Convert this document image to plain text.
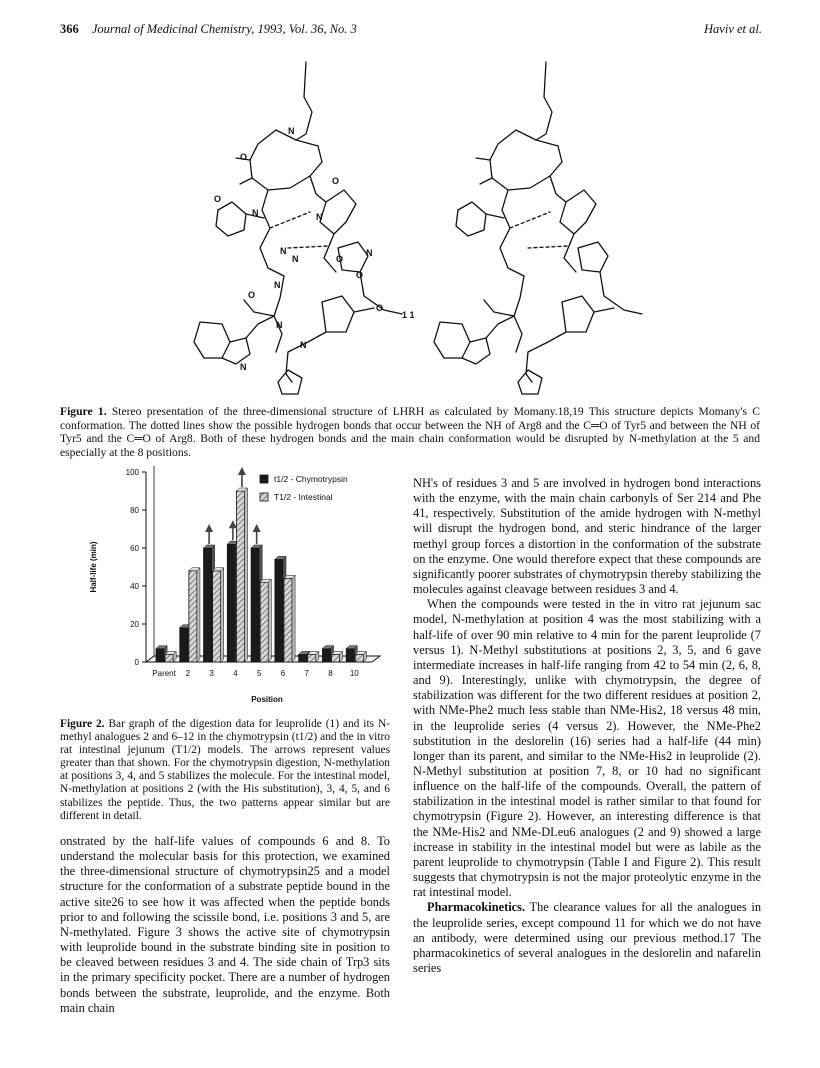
366 Journal of Medicinal Chemistry, 1993, Vol. 36, No. 3	Haviv et al.
O
N
N
O
N
N
O
N	O
N
O
O
N
N
N
N
O
1 1
Figure 1. Stereo presentation of the three-dimensional structure of LHRH as calculated by Momany.18,19 This structure depicts Momany's C conformation. The dotted lines show the possible hydrogen bonds that occur between the NH of Arg8 and the C═O of Tyr5 and between the NH of Tyr5 and the C═O of Arg8. Both of these hydrogen bonds and the main chain conformation would be disrupted by N-methylation at the 5 and especially at the 8 positions.
0
20
40
60
80
100
Half-life (min)
Parent 2 3 4 5 6 7 8 10
Position
t1/2 - Chymotrypsin
T1/2 - Intestinal
Figure 2. Bar graph of the digestion data for leuprolide (1) and its N-methyl analogues 2 and 6–12 in the chymotrypsin (t1/2) and the in vitro rat intestinal jejunum (T1/2) models. The arrows represent values greater than that shown. For the chymotrypsin digestion, N-methylation at positions 3, 4, and 5 stabilizes the molecule. For the intestinal model, N-methylation at positions 2 (with the His substitution), 3, 4, 5, and 6 stabilizes the peptide. Thus, the two patterns appear similar but are different in detail.
onstrated by the half-life values of compounds 6 and 8. To understand the molecular basis for this protection, we examined the three-dimensional structure of chymotrypsin25 and a model structure for the conformation of a substrate peptide bound in the active site26 to see how it was affected when the peptide bonds prior to and following the scissile bond, i.e. positions 3 and 5, are N-methylated. Figure 3 shows the active site of chymotrypsin with leuprolide bound in the substrate binding site in position to be cleaved between residues 3 and 4. The side chain of Trp3 sits in the primary specificity pocket. There are a number of hydrogen bonds between the substrate, leuprolide, and the enzyme. Both main chain

NH's of residues 3 and 5 are involved in hydrogen bond interactions with the enzyme, with the main chain carbonyls of Ser 214 and Phe 41, respectively. Substitution of the amide hydrogen with N-methyl will disrupt the hydrogen bond, and steric hindrance of the larger methyl group forces a distortion in the conformation of the substrate on the enzyme. One would therefore expect that these compounds are significantly poorer substrates of chymotrypsin thereby stabilizing the molecules against cleavage between residues 3 and 4.

When the compounds were tested in the in vitro rat jejunum sac model, N-methylation at position 4 was the most stabilizing with a half-life of over 90 min relative to 4 min for the parent leuprolide (7 versus 1). N-Methyl substitutions at positions 2, 3, 5, and 6 gave intermediate increases in half-life ranging from 42 to 54 min (2, 6, 8, and 9). Interestingly, unlike with chymotrypsin, the degree of stabilization was different for the two different residues at position 2, with NMe-Phe2 much less stable than NMe-His2, 18 versus 48 min, in the leuprolide series (4 versus 2). However, the NMe-Phe2 substitution in the deslorelin (16) series had a half-life (44 min) longer than its parent, and similar to the NMe-His2 in leuprolide (2). N-Methyl substitution at position 7, 8, or 10 had no significant influence on the half-life of the compounds. Overall, the pattern of stabilization in the intestinal model is rather similar to that found for chymotrypsin (Figure 2). However, an interesting difference is that the NMe-His2 and NMe-DLeu6 analogues (2 and 9) showed a large increase in stability in the intestinal model but were as labile as the parent leuprolide to chymotrypsin (Table I and Figure 2). This result suggests that chymotrypsin is not the major proteolytic enzyme in the rat intestinal model.

Pharmacokinetics. The clearance values for all the analogues in the leuprolide series, except compound 11 for which we do not have an antibody, were determined using our previous method.17 The pharmacokinetics of several analogues in the deslorelin and nafarelin series
